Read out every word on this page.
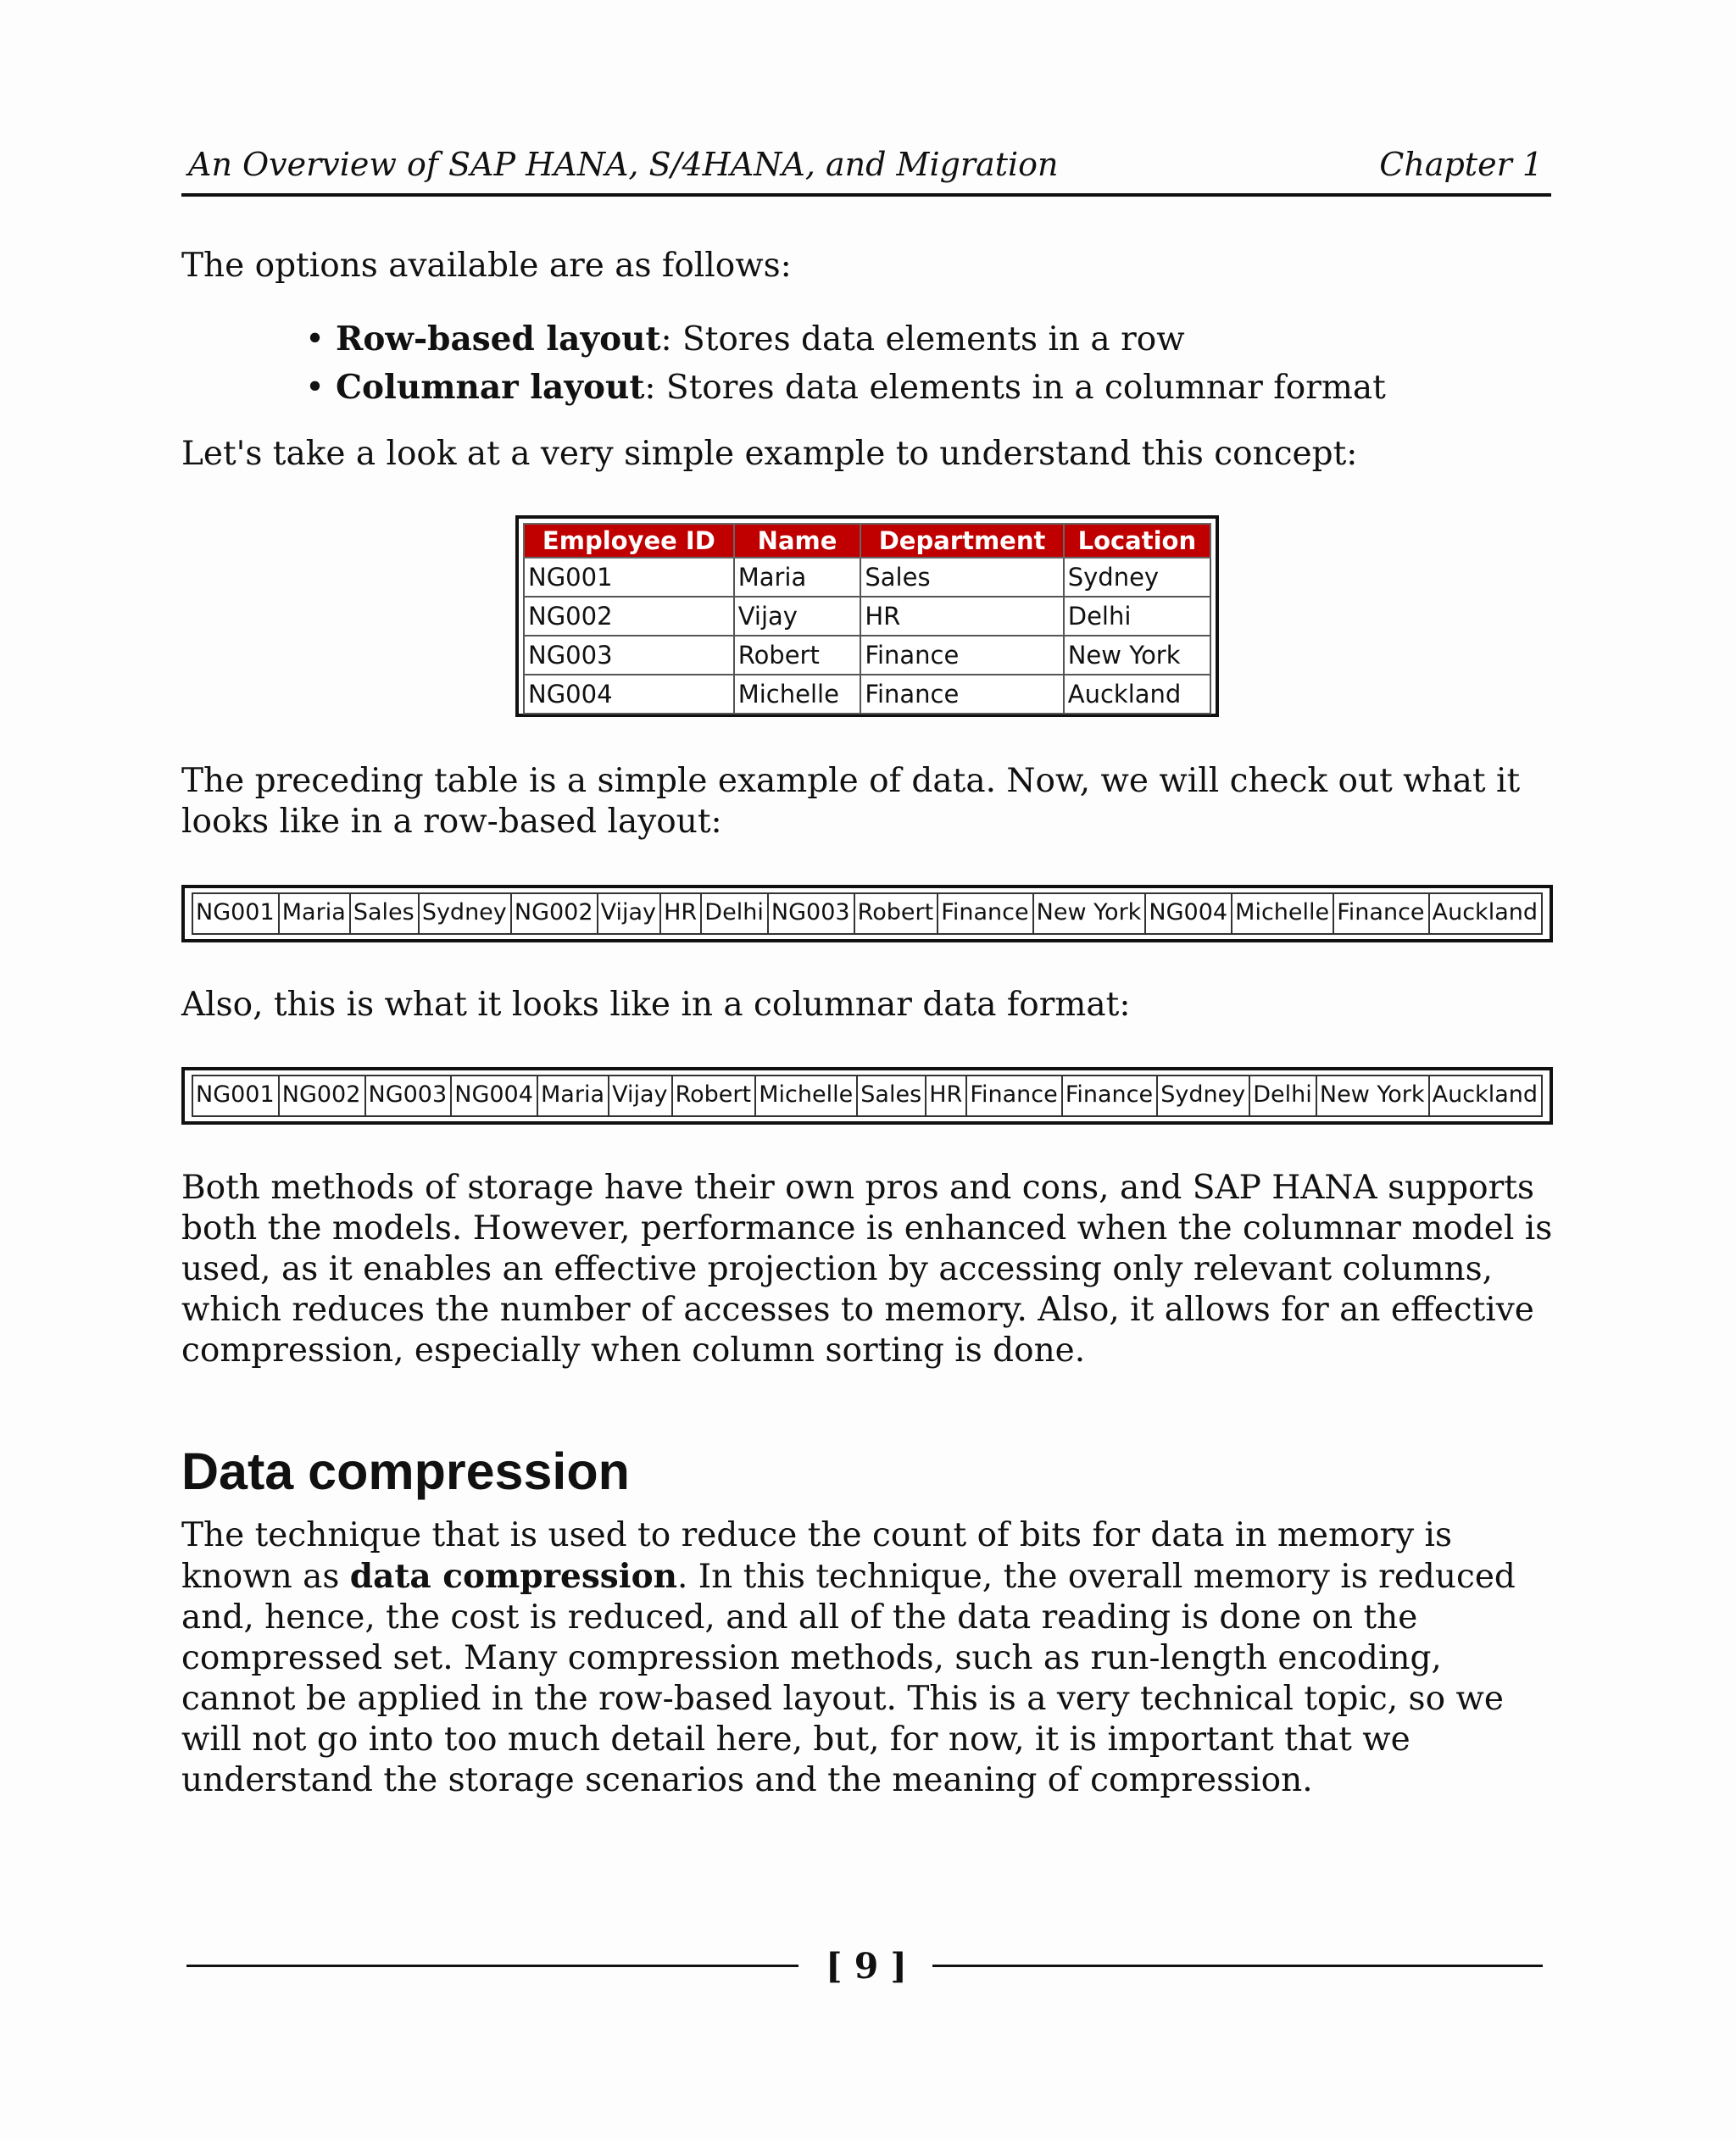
An Overview of SAP HANA, S/4HANA, and Migration	Chapter 1

The options available are as follows:

• Row-based layout: Stores data elements in a row
• Columnar layout: Stores data elements in a columnar format

Let's take a look at a very simple example to understand this concept:

Employee ID	Name	Department	Location
NG001	Maria	Sales	Sydney
NG002	Vijay	HR	Delhi
NG003	Robert	Finance	New York
NG004	Michelle	Finance	Auckland

The preceding table is a simple example of data. Now, we will check out what it looks like in a row-based layout:

NG001 Maria Sales Sydney NG002 Vijay HR Delhi NG003 Robert Finance New York NG004 Michelle Finance Auckland

Also, this is what it looks like in a columnar data format:

NG001 NG002 NG003 NG004 Maria Vijay Robert Michelle Sales HR Finance Finance Sydney Delhi New York Auckland

Both methods of storage have their own pros and cons, and SAP HANA supports both the models. However, performance is enhanced when the columnar model is used, as it enables an effective projection by accessing only relevant columns, which reduces the number of accesses to memory. Also, it allows for an effective compression, especially when column sorting is done.

Data compression

The technique that is used to reduce the count of bits for data in memory is known as data compression. In this technique, the overall memory is reduced and, hence, the cost is reduced, and all of the data reading is done on the compressed set. Many compression methods, such as run-length encoding, cannot be applied in the row-based layout. This is a very technical topic, so we will not go into too much detail here, but, for now, it is important that we understand the storage scenarios and the meaning of compression.

[ 9 ]
